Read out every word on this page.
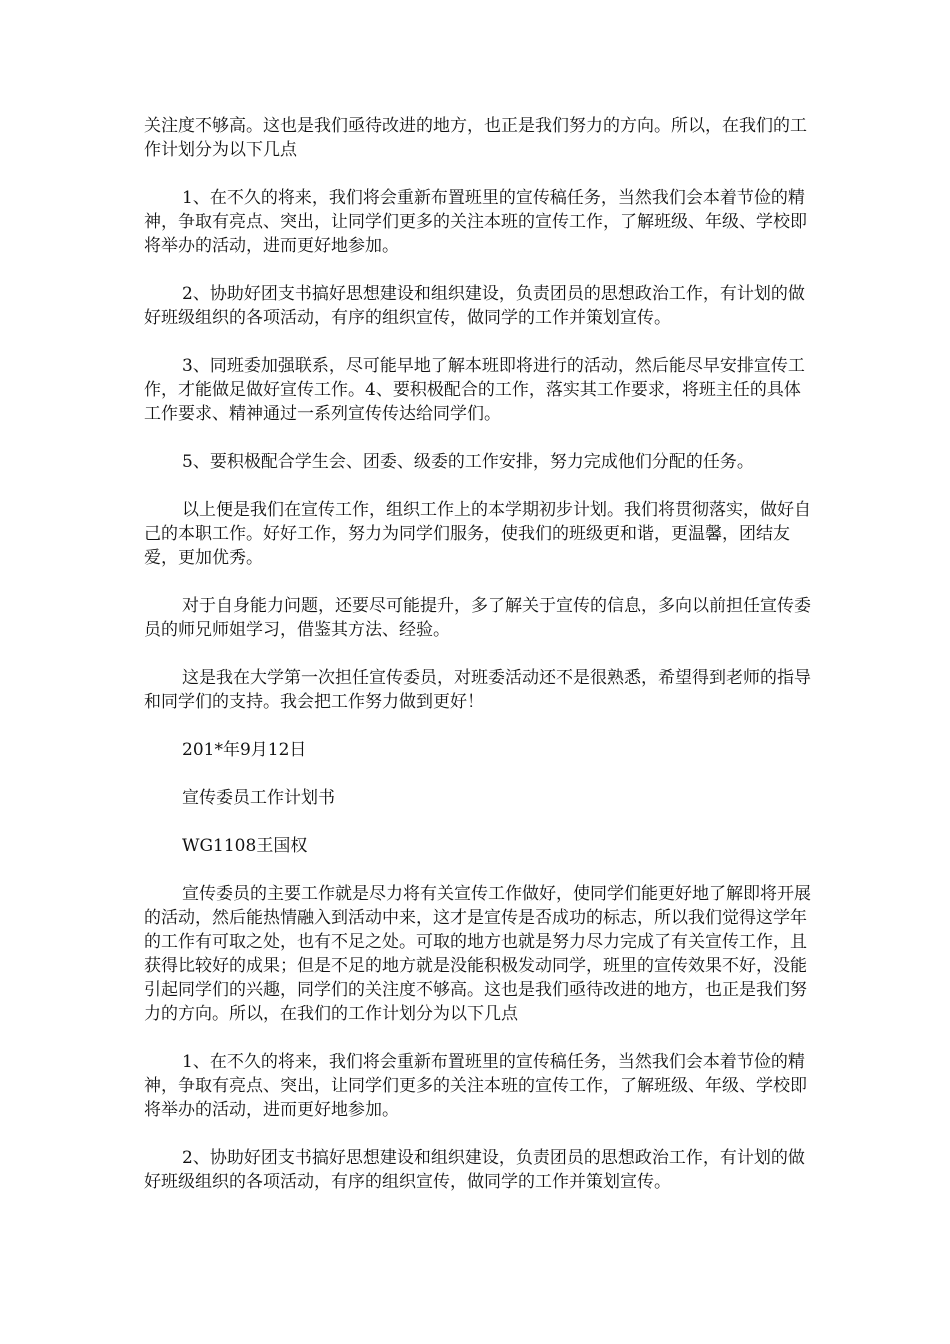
关注度不够高。这也是我们亟待改进的地方，也正是我们努力的方向。所以，在我们的工作计划分为以下几点

1、在不久的将来，我们将会重新布置班里的宣传稿任务，当然我们会本着节俭的精神，争取有亮点、突出，让同学们更多的关注本班的宣传工作，了解班级、年级、学校即将举办的活动，进而更好地参加。

2、协助好团支书搞好思想建设和组织建设，负责团员的思想政治工作，有计划的做好班级组织的各项活动，有序的组织宣传，做同学的工作并策划宣传。

3、同班委加强联系，尽可能早地了解本班即将进行的活动，然后能尽早安排宣传工作，才能做足做好宣传工作。4、要积极配合的工作，落实其工作要求，将班主任的具体工作要求、精神通过一系列宣传传达给同学们。

5、要积极配合学生会、团委、级委的工作安排，努力完成他们分配的任务。

以上便是我们在宣传工作，组织工作上的本学期初步计划。我们将贯彻落实，做好自己的本职工作。好好工作，努力为同学们服务，使我们的班级更和谐，更温馨，团结友爱，更加优秀。

对于自身能力问题，还要尽可能提升，多了解关于宣传的信息，多向以前担任宣传委员的师兄师姐学习，借鉴其方法、经验。

这是我在大学第一次担任宣传委员，对班委活动还不是很熟悉，希望得到老师的指导和同学们的支持。我会把工作努力做到更好！

201*年9月12日

宣传委员工作计划书

WG1108王国权

宣传委员的主要工作就是尽力将有关宣传工作做好，使同学们能更好地了解即将开展的活动，然后能热情融入到活动中来，这才是宣传是否成功的标志，所以我们觉得这学年的工作有可取之处，也有不足之处。可取的地方也就是努力尽力完成了有关宣传工作，且获得比较好的成果；但是不足的地方就是没能积极发动同学，班里的宣传效果不好，没能引起同学们的兴趣，同学们的关注度不够高。这也是我们亟待改进的地方，也正是我们努力的方向。所以，在我们的工作计划分为以下几点

1、在不久的将来，我们将会重新布置班里的宣传稿任务，当然我们会本着节俭的精神，争取有亮点、突出，让同学们更多的关注本班的宣传工作，了解班级、年级、学校即将举办的活动，进而更好地参加。

2、协助好团支书搞好思想建设和组织建设，负责团员的思想政治工作，有计划的做好班级组织的各项活动，有序的组织宣传，做同学的工作并策划宣传。
